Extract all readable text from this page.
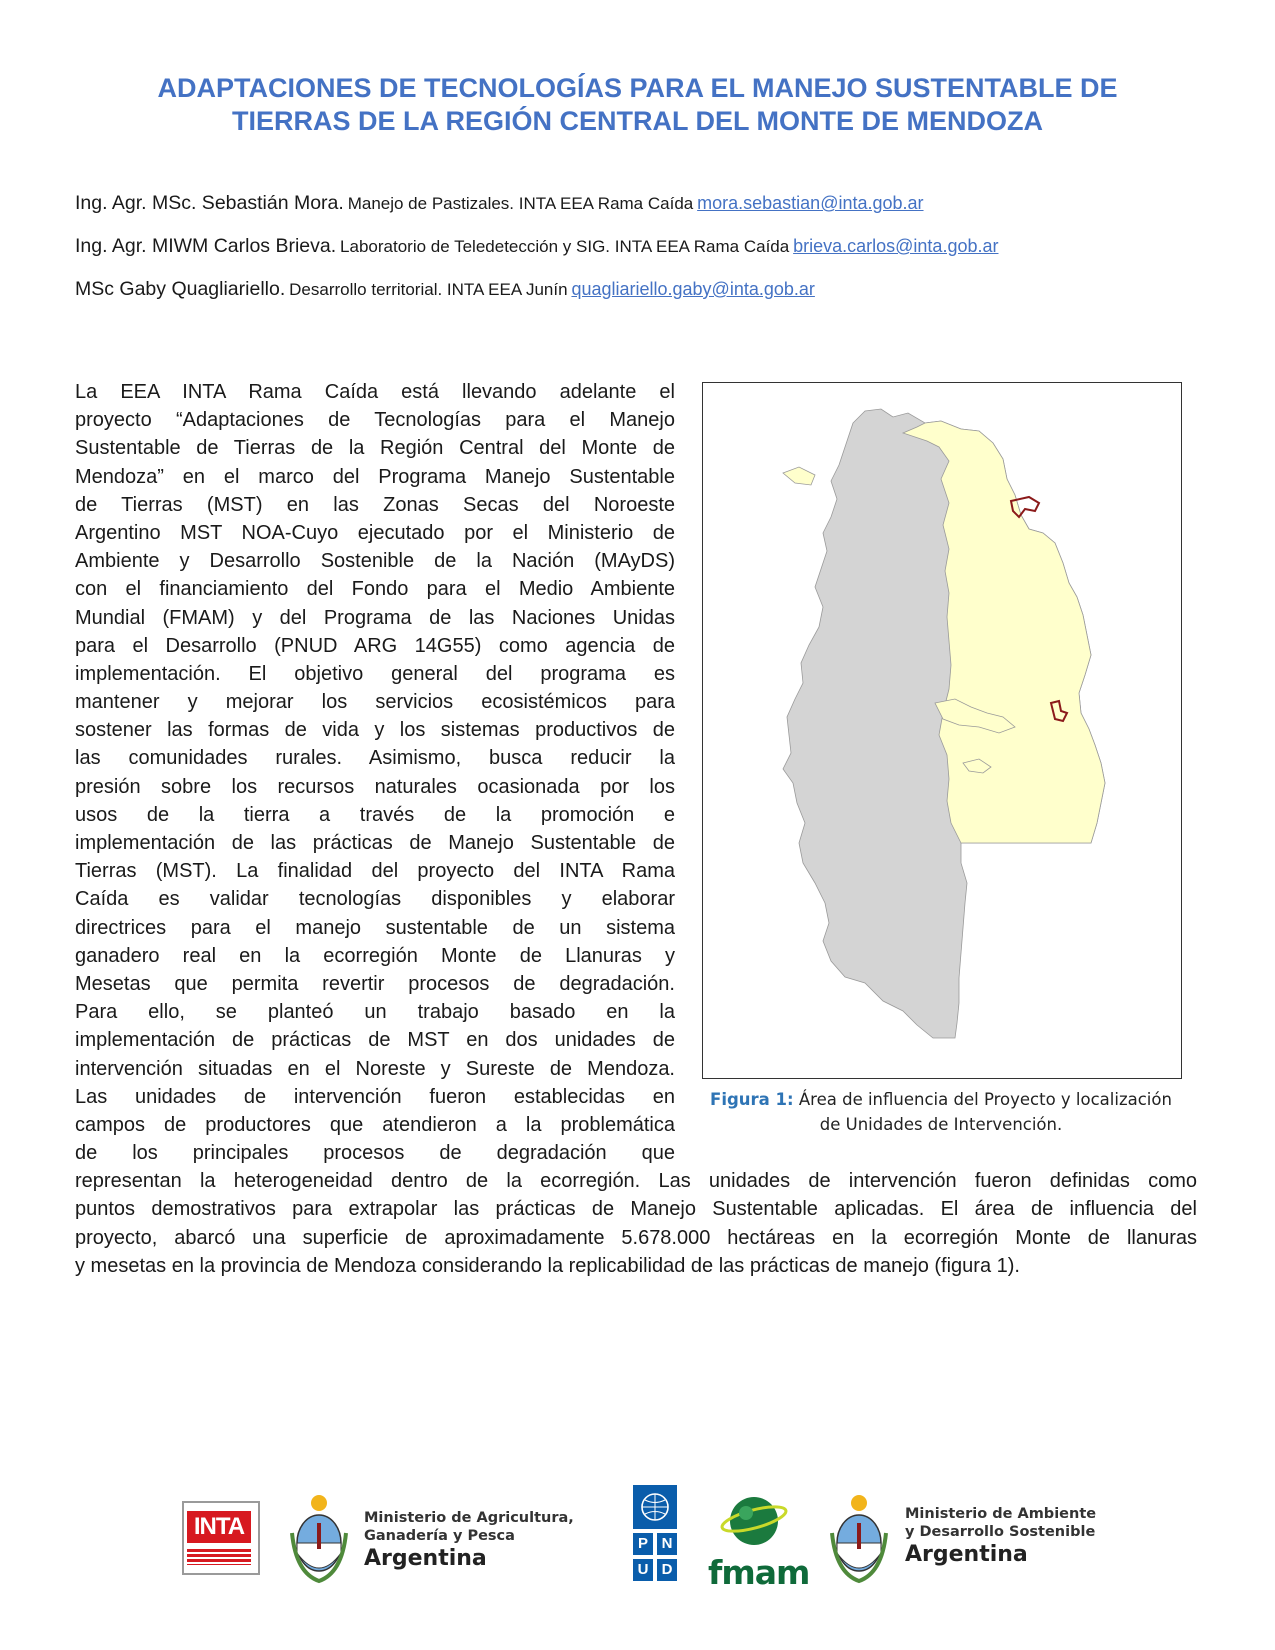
ADAPTACIONES DE TECNOLOGÍAS PARA EL MANEJO SUSTENTABLE DE
TIERRAS DE LA REGIÓN CENTRAL DEL MONTE DE MENDOZA
Ing. Agr. MSc. Sebastián Mora. Manejo de Pastizales. INTA EEA Rama Caída mora.sebastian@inta.gob.ar
Ing. Agr. MIWM Carlos Brieva. Laboratorio de Teledetección y SIG. INTA EEA Rama Caída brieva.carlos@inta.gob.ar
MSc Gaby Quagliariello. Desarrollo territorial. INTA EEA Junín quagliariello.gaby@inta.gob.ar
La EEA INTA Rama Caída está llevando adelante el
proyecto “Adaptaciones de Tecnologías para el Manejo
Sustentable de Tierras de la Región Central del Monte de
Mendoza” en el marco del Programa Manejo Sustentable
de Tierras (MST) en las Zonas Secas del Noroeste
Argentino MST NOA-Cuyo ejecutado por el Ministerio de
Ambiente y Desarrollo Sostenible de la Nación (MAyDS)
con el financiamiento del Fondo para el Medio Ambiente
Mundial (FMAM) y del Programa de las Naciones Unidas
para el Desarrollo (PNUD ARG 14G55) como agencia de
implementación. El objetivo general del programa es
mantener y mejorar los servicios ecosistémicos para
sostener las formas de vida y los sistemas productivos de
las comunidades rurales. Asimismo, busca reducir la
presión sobre los recursos naturales ocasionada por los
usos de la tierra a través de la promoción e
implementación de las prácticas de Manejo Sustentable de
Tierras (MST). La finalidad del proyecto del INTA Rama
Caída es validar tecnologías disponibles y elaborar
directrices para el manejo sustentable de un sistema
ganadero real en la ecorregión Monte de Llanuras y
Mesetas que permita revertir procesos de degradación.
Para ello, se planteó un trabajo basado en la
implementación de prácticas de MST en dos unidades de
intervención situadas en el Noreste y Sureste de Mendoza.
Las unidades de intervención fueron establecidas en
campos de productores que atendieron a la problemática
de los principales procesos de degradación que
representan la heterogeneidad dentro de la ecorregión. Las unidades de intervención fueron definidas como
puntos demostrativos para extrapolar las prácticas de Manejo Sustentable aplicadas. El área de influencia del
proyecto, abarcó una superficie de aproximadamente 5.678.000 hectáreas en la ecorregión Monte de llanuras
y mesetas en la provincia de Mendoza considerando la replicabilidad de las prácticas de manejo (figura 1).
Figura 1: Área de influencia del Proyecto y localización
de Unidades de Intervención.
INTA	Ministerio de Agricultura,
Ganadería y Pesca
Argentina
P N
U D fmam
Ministerio de Ambiente
y Desarrollo Sostenible
Argentina
